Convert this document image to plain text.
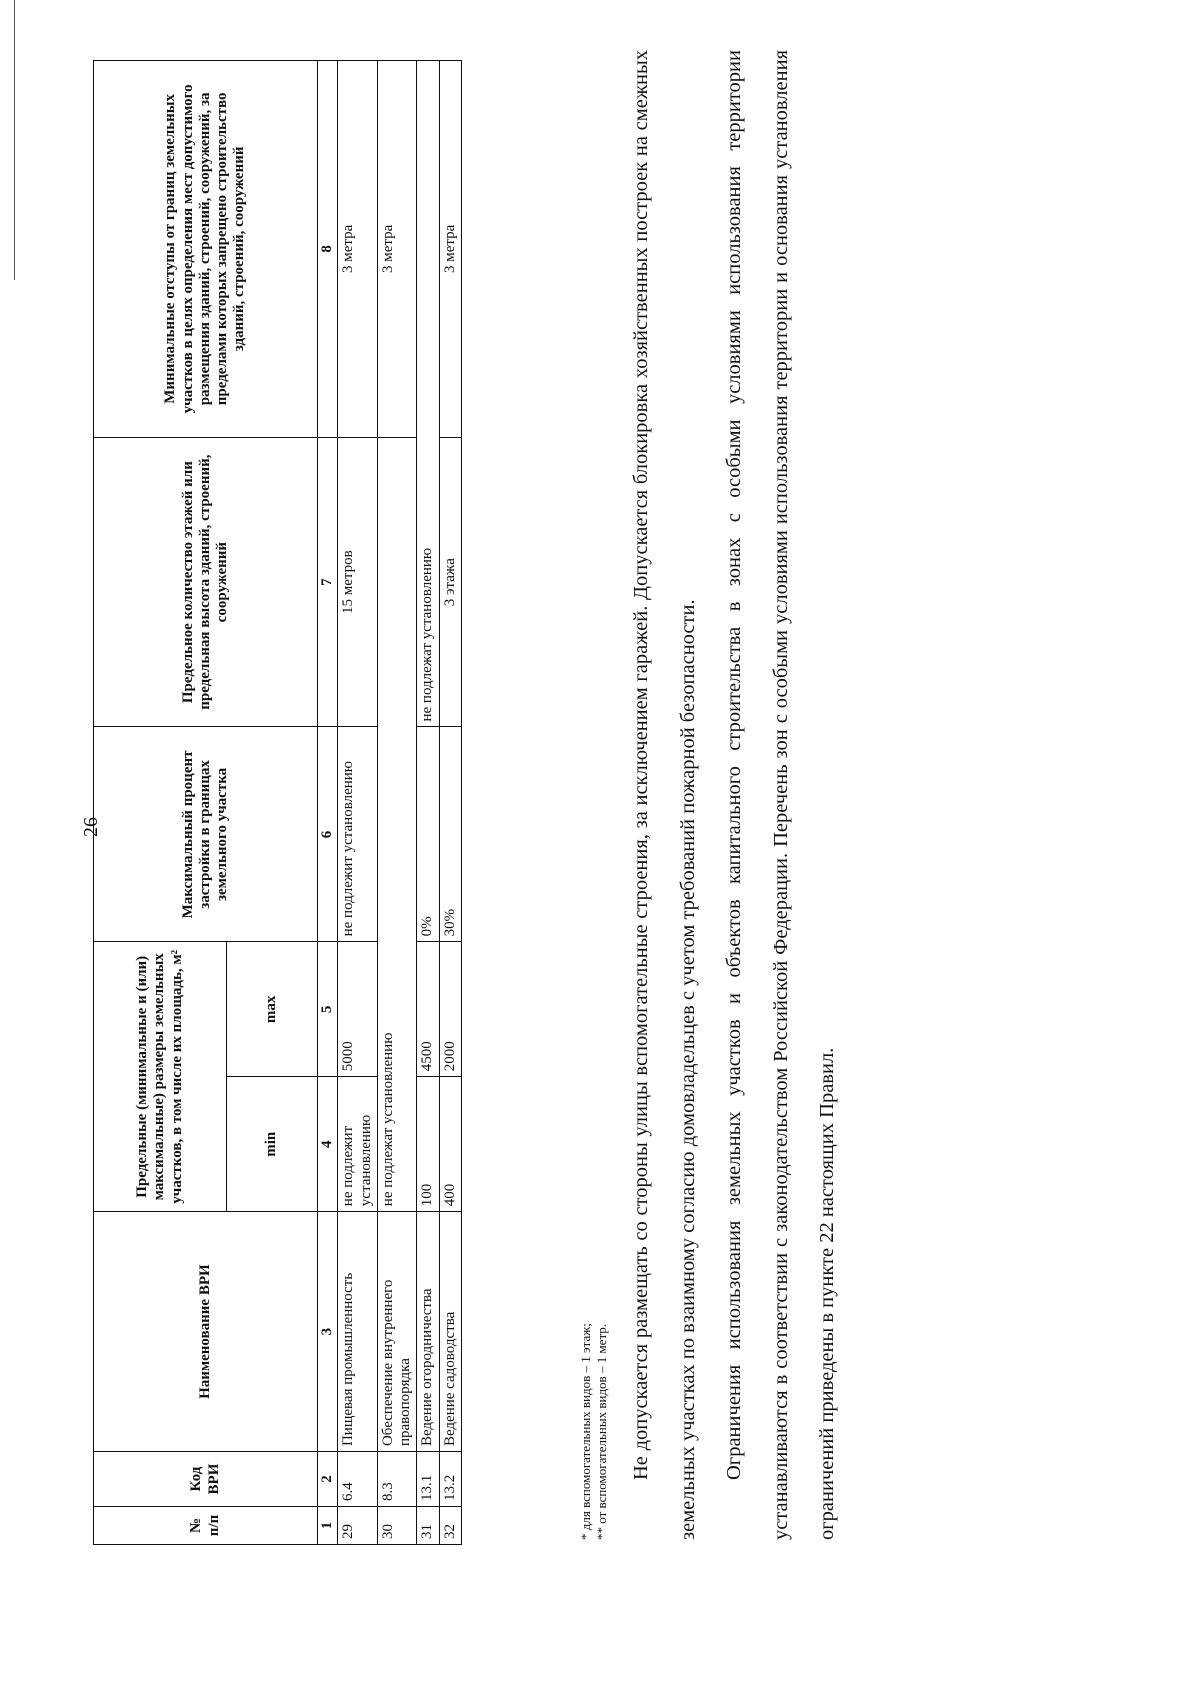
26
№ п/п	Код ВРИ	Наименование ВРИ	Предельные (минимальные и (или) максимальные) размеры земельных участков, в том числе их площадь, м²		Максимальный процент застройки в границах земельного участка	Предельное количество этажей или предельная высота зданий, строений, сооружений	Минимальные отступы от границ земельных участков в целях определения мест допустимого размещения зданий, строений, сооружений, за пределами которых запрещено строительство зданий, строений, сооружений
			min	max			
1	2	3	4	5	6	7	8
29	6.4	Пищевая промышленность	не подлежит установлению	5000	не подлежит установлению	15 метров	3 метра
30	8.3	Обеспечение внутреннего правопорядка	не подлежат установлению				3 метра
31	13.1	Ведение огородничества	100	4500	0%	не подлежат установлению	
32	13.2	Ведение садоводства	400	2000	30%	3 этажа	3 метра
* для вспомогательных видов – 1 этаж; ** от вспомогательных видов – 1 метр.	Не допускается размещать со стороны улицы вспомогательные строения, за исключением гаражей. Допускается блокировка хозяйственных построек на смежных земельных участках по взаимному согласию домовладельцев с учетом требований пожарной безопасности.	Ограничения использования земельных участков и объектов капитального строительства в зонах с особыми условиями использования территории устанавливаются в соответствии с законодательством Российской Федерации. Перечень зон с особыми условиями использования территории и основания установления ограничений приведены в пункте 22 настоящих Правил.
